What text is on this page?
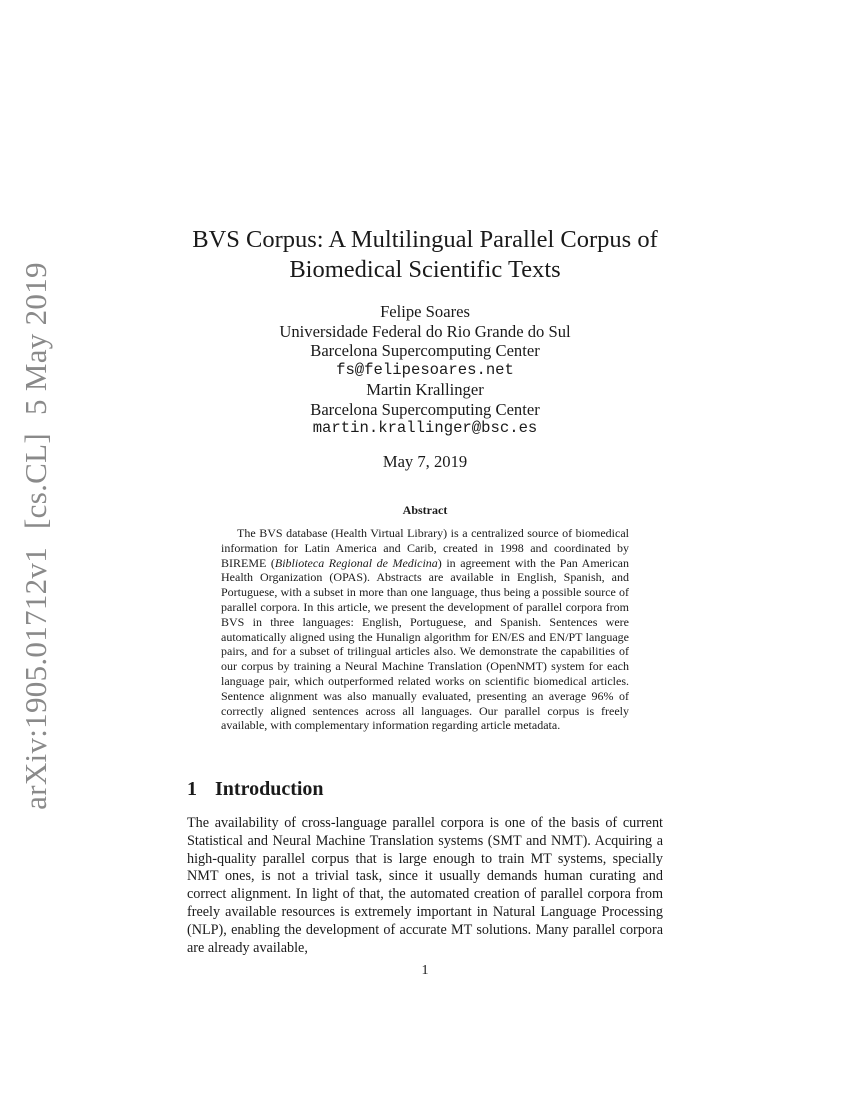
arXiv:1905.01712v1[cs.CL]5 May 2019
BVS Corpus: A Multilingual Parallel Corpus of
Biomedical Scientific Texts
Felipe Soares
Universidade Federal do Rio Grande do Sul
Barcelona Supercomputing Center
fs@felipesoares.net
Martin Krallinger
Barcelona Supercomputing Center
martin.krallinger@bsc.es
May 7, 2019
Abstract

The BVS database (Health Virtual Library) is a centralized source of biomedical information for Latin America and Carib, created in 1998 and coordinated by BIREME (Biblioteca Regional de Medicina) in agreement with the Pan American Health Organization (OPAS). Abstracts are available in English, Spanish, and Portuguese, with a subset in more than one language, thus being a possible source of parallel corpora. In this article, we present the development of parallel corpora from BVS in three languages: English, Portuguese, and Spanish. Sentences were automatically aligned using the Hunalign algorithm for EN/ES and EN/PT language pairs, and for a subset of trilingual articles also. We demonstrate the capabilities of our corpus by training a Neural Machine Translation (OpenNMT) system for each language pair, which outperformed related works on scientific biomedical articles. Sentence alignment was also manually evaluated, presenting an average 96% of correctly aligned sentences across all languages. Our parallel corpus is freely available, with complementary information regarding article metadata.

1 Introduction

The availability of cross-language parallel corpora is one of the basis of current Statistical and Neural Machine Translation systems (SMT and NMT). Acquiring a high-quality parallel corpus that is large enough to train MT systems, specially NMT ones, is not a trivial task, since it usually demands human curating and correct alignment. In light of that, the automated creation of parallel corpora from freely available resources is extremely important in Natural Language Processing (NLP), enabling the development of accurate MT solutions. Many parallel corpora are already available,

1
